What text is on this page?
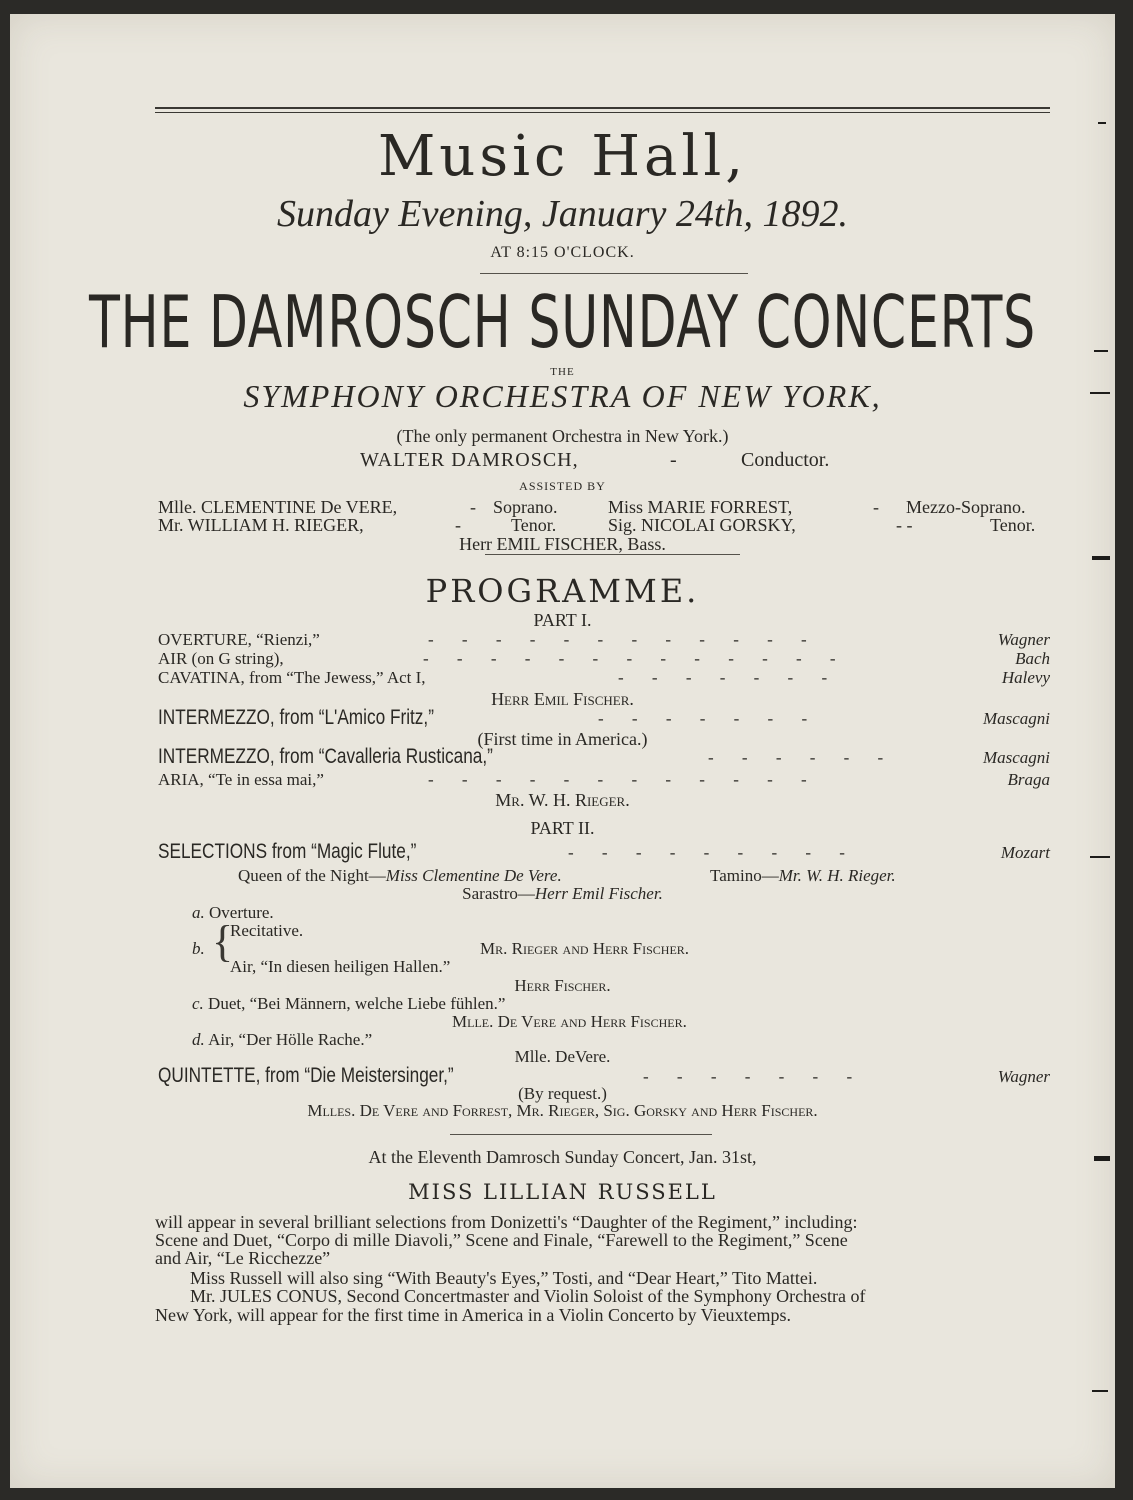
Music Hall,
Sunday Evening, January 24th, 1892.
AT 8:15 O'CLOCK.
THE DAMROSCH SUNDAY CONCERTS
THE
SYMPHONY ORCHESTRA OF NEW YORK,
(The only permanent Orchestra in New York.)
WALTER DAMROSCH,	-	Conductor.
ASSISTED BY
Mlle. CLEMENTINE De VERE,	- Soprano.	Miss MARIE FORREST,	- Mezzo-Soprano.
Mr. WILLIAM H. RIEGER,	-	Tenor.	Sig. NICOLAI GORSKY,	- -	Tenor.
Herr EMIL FISCHER, Bass.
PROGRAMME.
PART I.
OVERTURE, “Rienzi,”	- - - - - - - - - - - -	Wagner
AIR (on G string),	- - - - - - - - - - - - -	Bach
CAVATINA, from “The Jewess,” Act I,	- - - - - - -	Halevy
Herr Emil Fischer.
INTERMEZZO, from “L'Amico Fritz,”	- - - - - - -	Mascagni
(First time in America.)
INTERMEZZO, from “Cavalleria Rusticana,”	- - - - - -	Mascagni
ARIA, “Te in essa mai,”	- - - - - - - - - - - -	Braga
Mr. W. H. Rieger.
PART II.
SELECTIONS from “Magic Flute,”	- - - - - - - - -	Mozart
Queen of the Night—Miss Clementine De Vere.	Tamino—Mr. W. H. Rieger.
Sarastro—Herr Emil Fischer.
a. Overture.
b. {
Recitative.
Mr. Rieger and Herr Fischer.
Air, “In diesen heiligen Hallen.”
Herr Fischer.
c. Duet, “Bei Männern, welche Liebe fühlen.”
Mlle. De Vere and Herr Fischer.
d. Air, “Der Hölle Rache.”
Mlle. DeVere.
QUINTETTE, from “Die Meistersinger,”	- - - - - - -	Wagner
(By request.)
Mlles. De Vere and Forrest, Mr. Rieger, Sig. Gorsky and Herr Fischer.
At the Eleventh Damrosch Sunday Concert, Jan. 31st,
MISS LILLIAN RUSSELL
will appear in several brilliant selections from Donizetti's “Daughter of the Regiment,” including:
Scene and Duet, “Corpo di mille Diavoli,” Scene and Finale, “Farewell to the Regiment,” Scene
and Air, “Le Ricchezze”
Miss Russell will also sing “With Beauty's Eyes,” Tosti, and “Dear Heart,” Tito Mattei.
Mr. JULES CONUS, Second Concertmaster and Violin Soloist of the Symphony Orchestra of
New York, will appear for the first time in America in a Violin Concerto by Vieuxtemps.
